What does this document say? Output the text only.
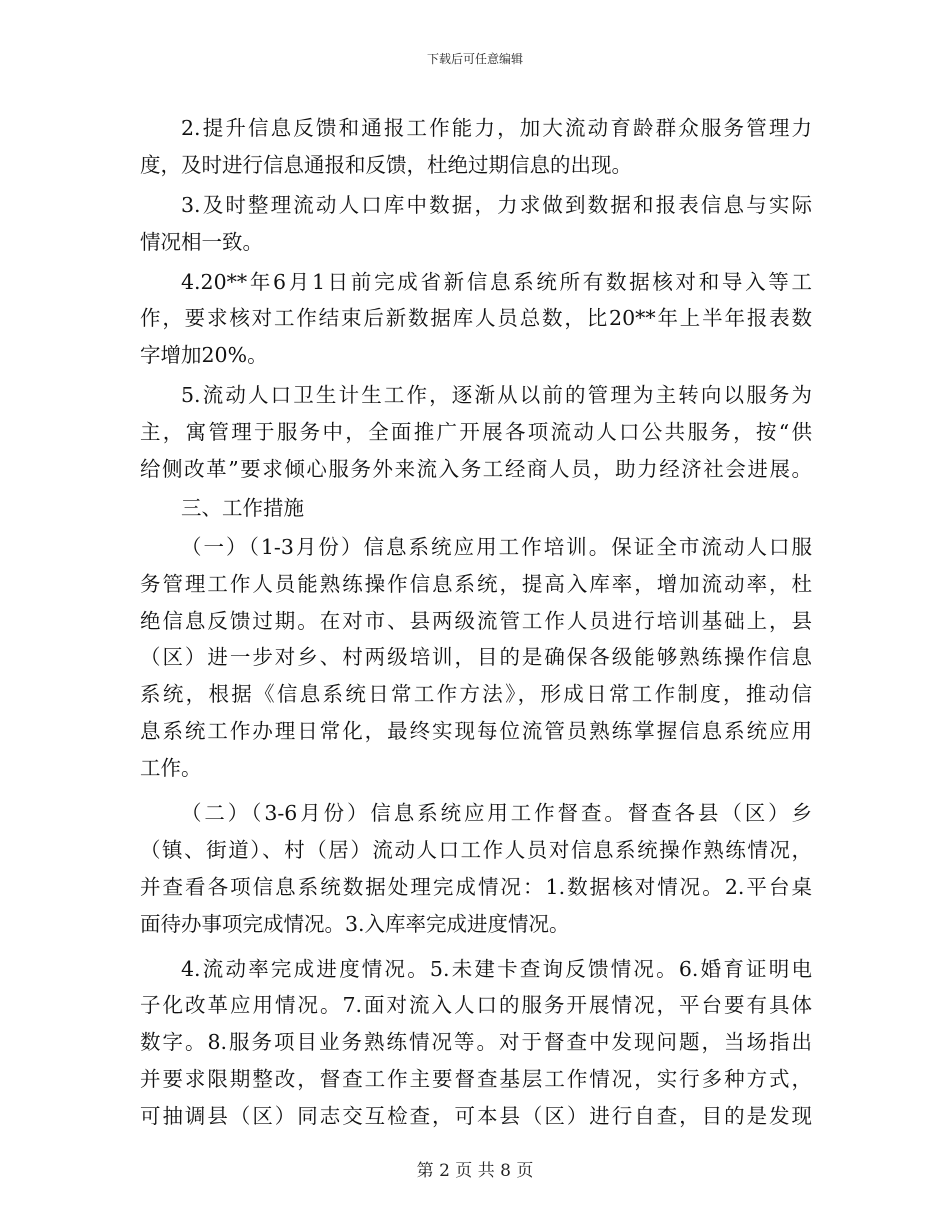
下载后可任意编辑
2.提升信息反馈和通报工作能力，加大流动育龄群众服务管理力
度，及时进行信息通报和反馈，杜绝过期信息的出现。
3.及时整理流动人口库中数据，力求做到数据和报表信息与实际
情况相一致。
4.20**年6月1日前完成省新信息系统所有数据核对和导入等工
作，要求核对工作结束后新数据库人员总数，比20**年上半年报表数
字增加20%。
5.流动人口卫生计生工作，逐渐从以前的管理为主转向以服务为
主，寓管理于服务中，全面推广开展各项流动人口公共服务，按“供
给侧改革”要求倾心服务外来流入务工经商人员，助力经济社会进展。
三、工作措施
（一）（1-3月份）信息系统应用工作培训。保证全市流动人口服
务管理工作人员能熟练操作信息系统，提高入库率，增加流动率，杜
绝信息反馈过期。在对市、县两级流管工作人员进行培训基础上，县
（区）进一步对乡、村两级培训，目的是确保各级能够熟练操作信息
系统，根据《信息系统日常工作方法》，形成日常工作制度，推动信
息系统工作办理日常化，最终实现每位流管员熟练掌握信息系统应用
工作。
（二）（3-6月份）信息系统应用工作督查。督查各县（区）乡
（镇、街道）、村（居）流动人口工作人员对信息系统操作熟练情况，
并查看各项信息系统数据处理完成情况：1.数据核对情况。2.平台桌
面待办事项完成情况。3.入库率完成进度情况。
4.流动率完成进度情况。5.未建卡查询反馈情况。6.婚育证明电
子化改革应用情况。7.面对流入人口的服务开展情况，平台要有具体
数字。8.服务项目业务熟练情况等。对于督查中发现问题，当场指出
并要求限期整改，督查工作主要督查基层工作情况，实行多种方式，
可抽调县（区）同志交互检查，可本县（区）进行自查，目的是发现
第 2 页 共 8 页
